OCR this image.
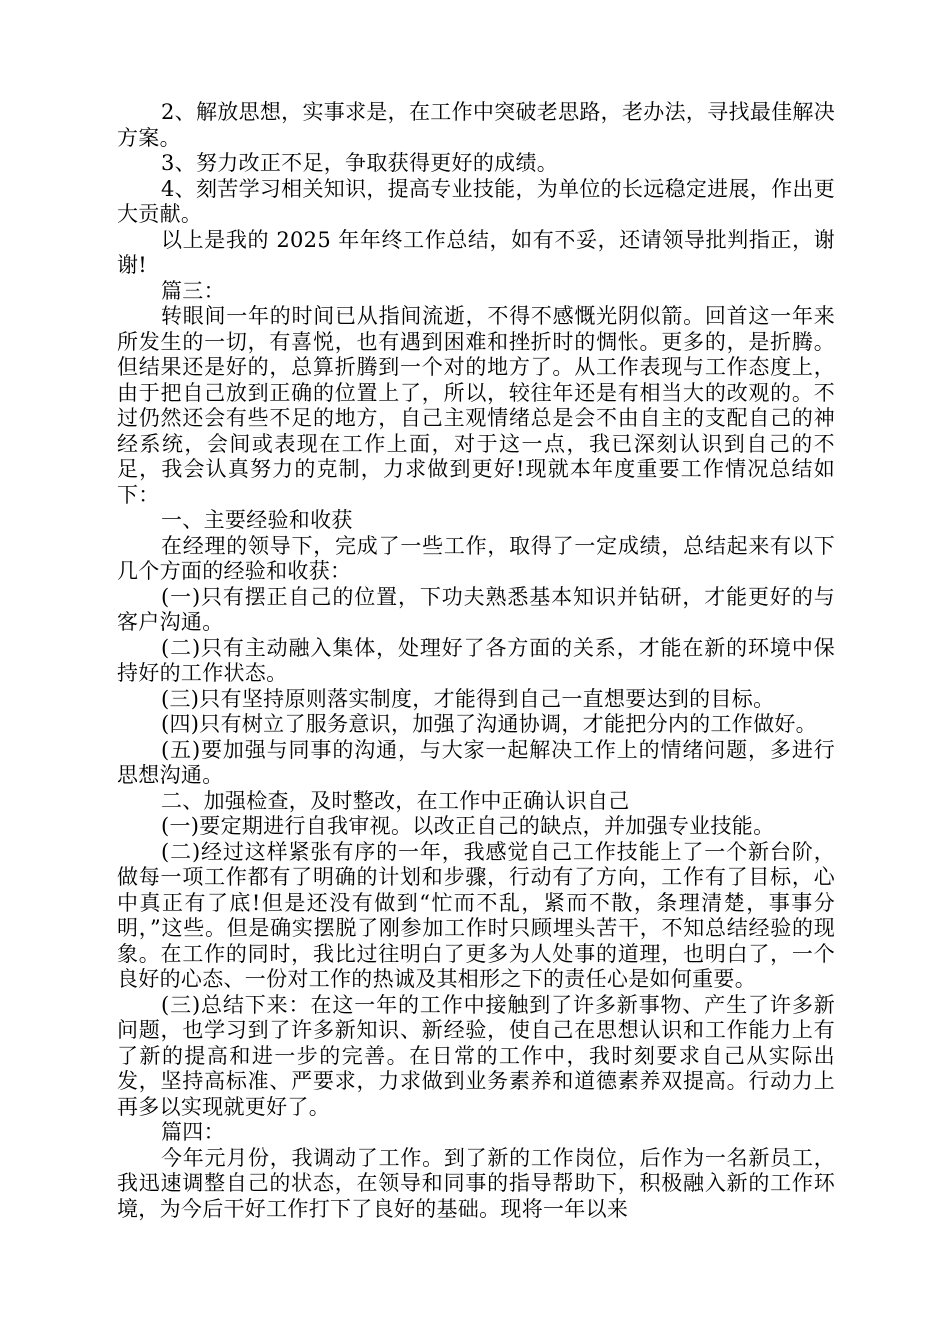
2、解放思想，实事求是，在工作中突破老思路，老办法，寻找最佳解决方案。

3、努力改正不足，争取获得更好的成绩。

4、刻苦学习相关知识，提高专业技能，为单位的长远稳定进展，作出更大贡献。

以上是我的 2025 年年终工作总结，如有不妥，还请领导批判指正，谢谢!

篇三：

转眼间一年的时间已从指间流逝，不得不感慨光阴似箭。回首这一年来所发生的一切，有喜悦，也有遇到困难和挫折时的惆怅。更多的，是折腾。但结果还是好的，总算折腾到一个对的地方了。从工作表现与工作态度上，由于把自己放到正确的位置上了，所以，较往年还是有相当大的改观的。不过仍然还会有些不足的地方，自己主观情绪总是会不由自主的支配自己的神经系统，会间或表现在工作上面，对于这一点，我已深刻认识到自己的不足，我会认真努力的克制，力求做到更好!现就本年度重要工作情况总结如下：

一、主要经验和收获

在经理的领导下，完成了一些工作，取得了一定成绩，总结起来有以下几个方面的经验和收获：

(一)只有摆正自己的位置，下功夫熟悉基本知识并钻研，才能更好的与客户沟通。

(二)只有主动融入集体，处理好了各方面的关系，才能在新的环境中保持好的工作状态。

(三)只有坚持原则落实制度，才能得到自己一直想要达到的目标。

(四)只有树立了服务意识，加强了沟通协调，才能把分内的工作做好。

(五)要加强与同事的沟通，与大家一起解决工作上的情绪问题，多进行思想沟通。

二、加强检查，及时整改，在工作中正确认识自己

(一)要定期进行自我审视。以改正自己的缺点，并加强专业技能。

(二)经过这样紧张有序的一年，我感觉自己工作技能上了一个新台阶，做每一项工作都有了明确的计划和步骤，行动有了方向，工作有了目标，心中真正有了底!但是还没有做到“忙而不乱，紧而不散，条理清楚，事事分明，”这些。但是确实摆脱了刚参加工作时只顾埋头苦干，不知总结经验的现象。在工作的同时，我比过往明白了更多为人处事的道理，也明白了，一个良好的心态、一份对工作的热诚及其相形之下的责任心是如何重要。

(三)总结下来：在这一年的工作中接触到了许多新事物、产生了许多新问题，也学习到了许多新知识、新经验，使自己在思想认识和工作能力上有了新的提高和进一步的完善。在日常的工作中，我时刻要求自己从实际出发，坚持高标准、严要求，力求做到业务素养和道德素养双提高。行动力上再多以实现就更好了。

篇四：

今年元月份，我调动了工作。到了新的工作岗位，后作为一名新员工，我迅速调整自己的状态，在领导和同事的指导帮助下，积极融入新的工作环境，为今后干好工作打下了良好的基础。现将一年以来
